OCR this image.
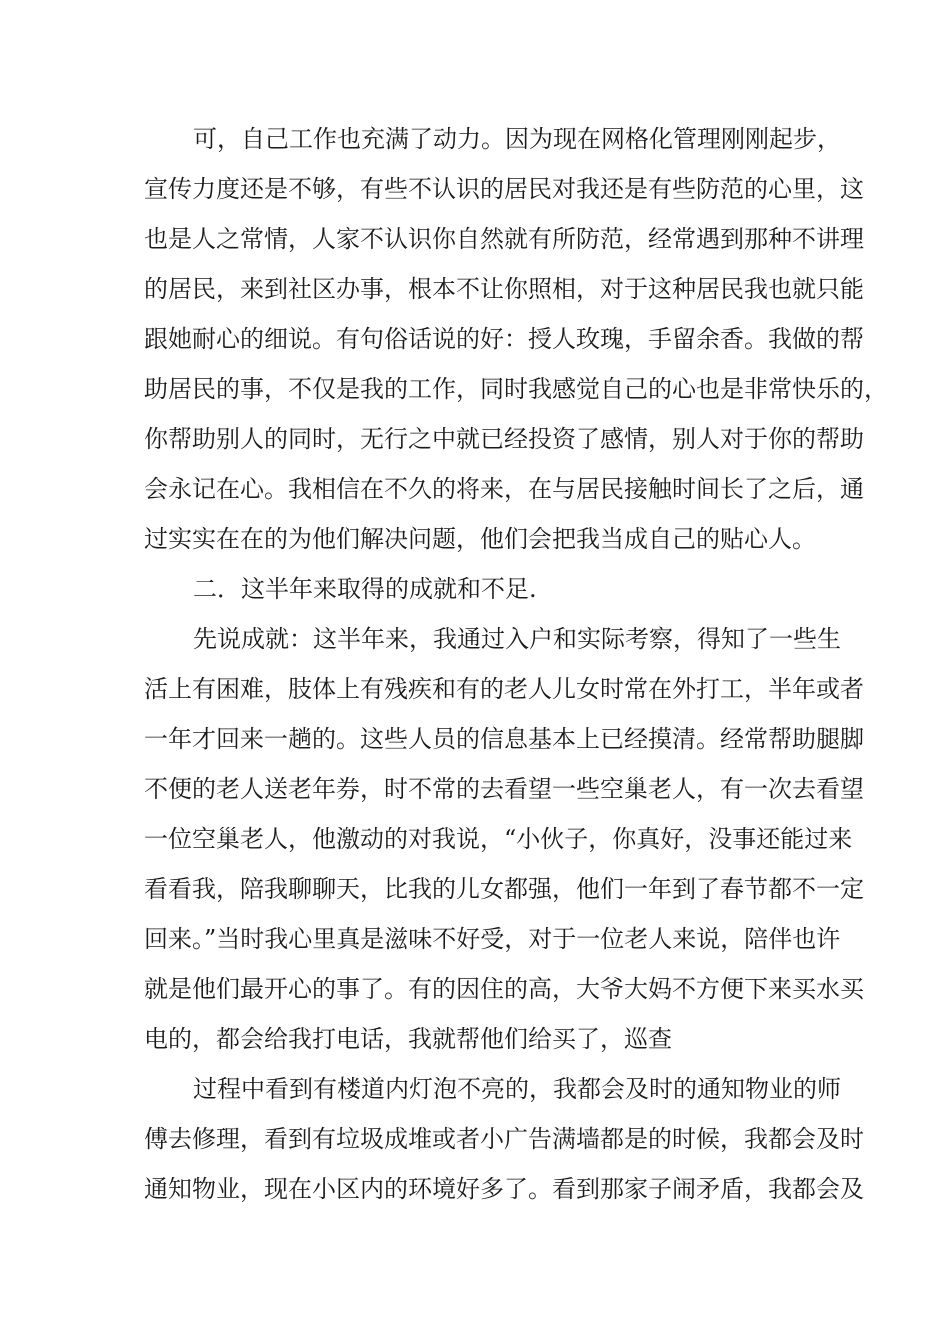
可，自己工作也充满了动力。因为现在网格化管理刚刚起步，
宣传力度还是不够，有些不认识的居民对我还是有些防范的心里，这
也是人之常情，人家不认识你自然就有所防范，经常遇到那种不讲理
的居民，来到社区办事，根本不让你照相，对于这种居民我也就只能
跟她耐心的细说。有句俗话说的好：授人玫瑰，手留余香。我做的帮
助居民的事，不仅是我的工作，同时我感觉自己的心也是非常快乐的，
你帮助别人的同时，无行之中就已经投资了感情，别人对于你的帮助
会永记在心。我相信在不久的将来，在与居民接触时间长了之后，通
过实实在在的为他们解决问题，他们会把我当成自己的贴心人。
二．这半年来取得的成就和不足.
先说成就：这半年来，我通过入户和实际考察，得知了一些生
活上有困难，肢体上有残疾和有的老人儿女时常在外打工，半年或者
一年才回来一趟的。这些人员的信息基本上已经摸清。经常帮助腿脚
不便的老人送老年券，时不常的去看望一些空巢老人，有一次去看望
一位空巢老人，他激动的对我说，“小伙子，你真好，没事还能过来
看看我，陪我聊聊天，比我的儿女都强，他们一年到了春节都不一定
回来。”当时我心里真是滋味不好受，对于一位老人来说，陪伴也许
就是他们最开心的事了。有的因住的高，大爷大妈不方便下来买水买
电的，都会给我打电话，我就帮他们给买了，巡查
过程中看到有楼道内灯泡不亮的，我都会及时的通知物业的师
傅去修理，看到有垃圾成堆或者小广告满墙都是的时候，我都会及时
通知物业，现在小区内的环境好多了。看到那家子闹矛盾，我都会及
